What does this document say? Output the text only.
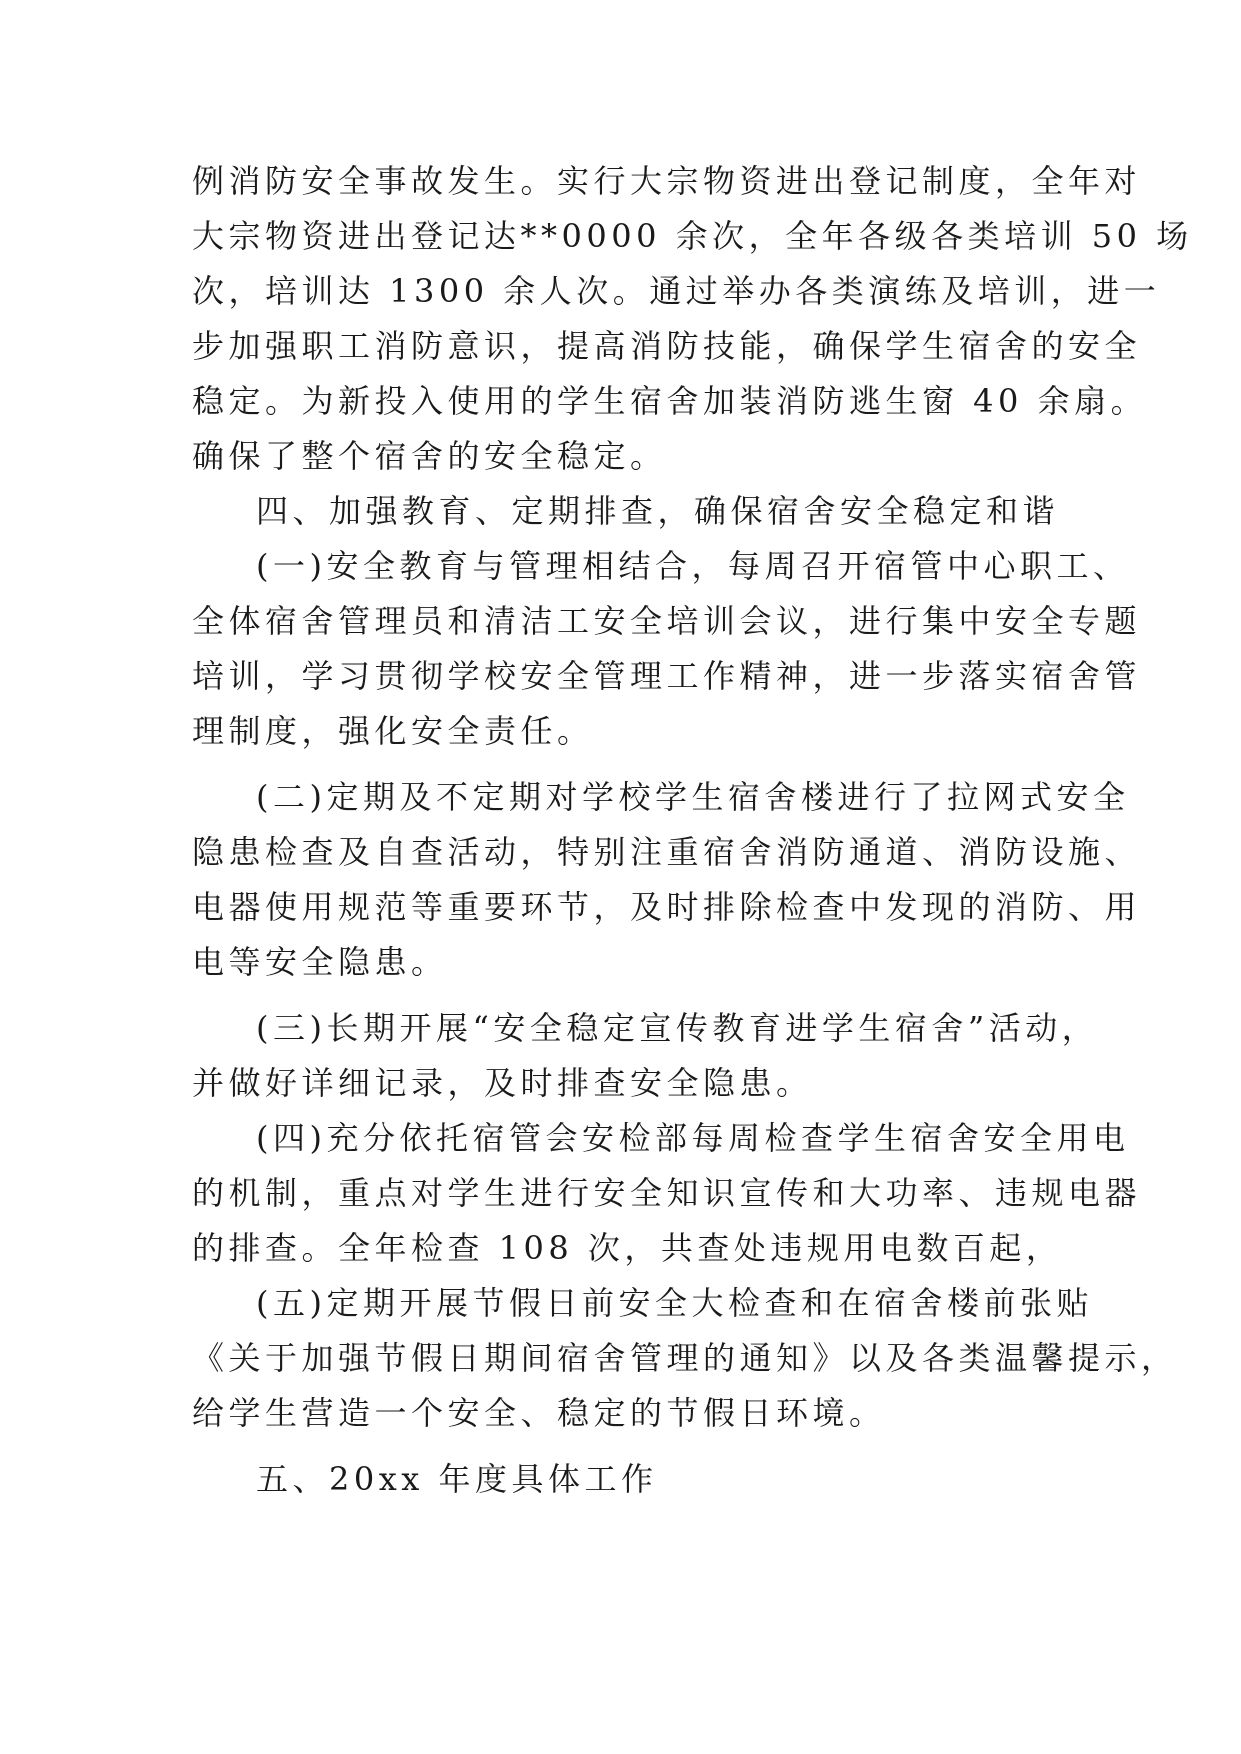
例消防安全事故发生。实行大宗物资进出登记制度，全年对
大宗物资进出登记达**0000 余次，全年各级各类培训 50 场
次，培训达 1300 余人次。通过举办各类演练及培训，进一
步加强职工消防意识，提高消防技能，确保学生宿舍的安全
稳定。为新投入使用的学生宿舍加装消防逃生窗 40 余扇。
确保了整个宿舍的安全稳定。
四、加强教育、定期排查，确保宿舍安全稳定和谐
(一)安全教育与管理相结合，每周召开宿管中心职工、
全体宿舍管理员和清洁工安全培训会议，进行集中安全专题
培训，学习贯彻学校安全管理工作精神，进一步落实宿舍管
理制度，强化安全责任。
(二)定期及不定期对学校学生宿舍楼进行了拉网式安全
隐患检查及自查活动，特别注重宿舍消防通道、消防设施、
电器使用规范等重要环节，及时排除检查中发现的消防、用
电等安全隐患。
(三)长期开展“安全稳定宣传教育进学生宿舍”活动，
并做好详细记录，及时排查安全隐患。
(四)充分依托宿管会安检部每周检查学生宿舍安全用电
的机制，重点对学生进行安全知识宣传和大功率、违规电器
的排查。全年检查 108 次，共查处违规用电数百起，
(五)定期开展节假日前安全大检查和在宿舍楼前张贴
《关于加强节假日期间宿舍管理的通知》以及各类温馨提示，
给学生营造一个安全、稳定的节假日环境。
五、20xx 年度具体工作
